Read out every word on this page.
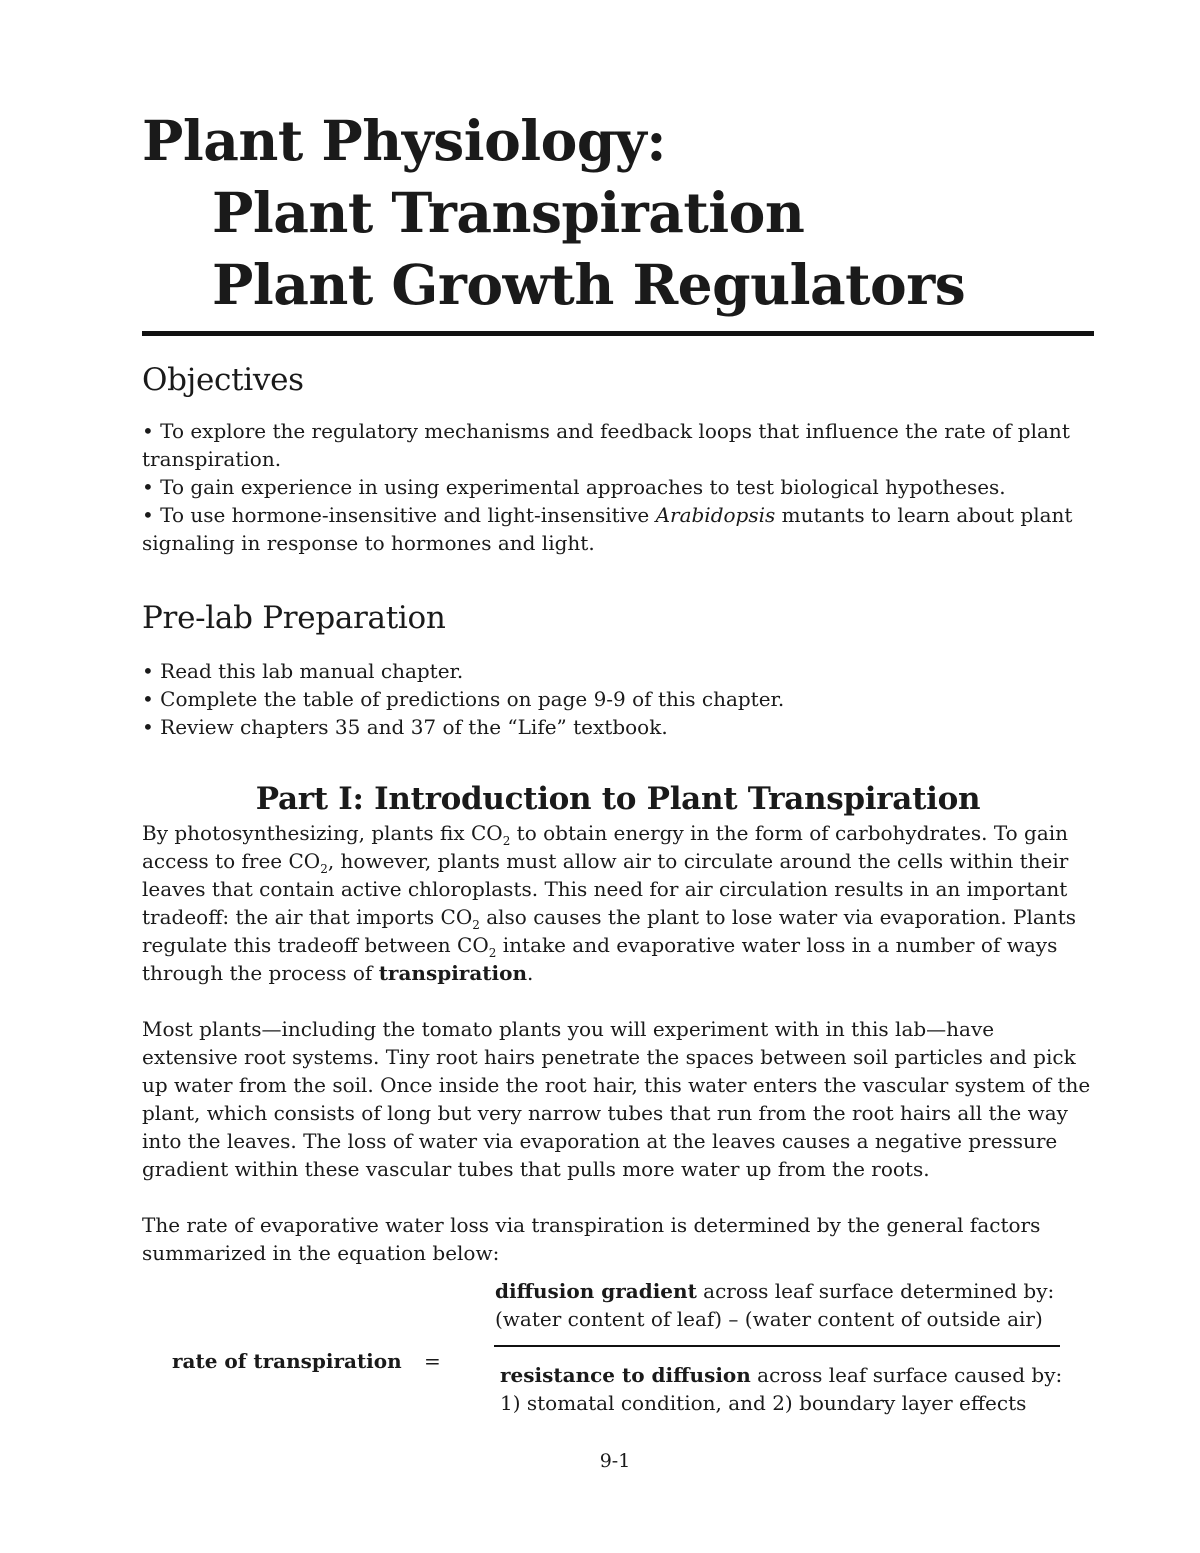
Plant Physiology:
Plant Transpiration
Plant Growth Regulators
Objectives
• To explore the regulatory mechanisms and feedback loops that influence the rate of plant transpiration.
• To gain experience in using experimental approaches to test biological hypotheses.
• To use hormone-insensitive and light-insensitive Arabidopsis mutants to learn about plant signaling in response to hormones and light.
Pre-lab Preparation
• Read this lab manual chapter.
• Complete the table of predictions on page 9-9 of this chapter.
• Review chapters 35 and 37 of the “Life” textbook.
Part I: Introduction to Plant Transpiration

By photosynthesizing, plants fix $CO_2$ to obtain energy in the form of carbohydrates. To gain access to free $CO_2$, however, plants must allow air to circulate around the cells within their leaves that contain active chloroplasts. This need for air circulation results in an important tradeoff: the air that imports $CO_2$ also causes the plant to lose water via evaporation. Plants regulate this tradeoff between $CO_2$ intake and evaporative water loss in a number of ways through the process of transpiration.

Most plants—including the tomato plants you will experiment with in this lab—have extensive root systems. Tiny root hairs penetrate the spaces between soil particles and pick up water from the soil. Once inside the root hair, this water enters the vascular system of the plant, which consists of long but very narrow tubes that run from the root hairs all the way into the leaves. The loss of water via evaporation at the leaves causes a negative pressure gradient within these vascular tubes that pulls more water up from the roots.

The rate of evaporative water loss via transpiration is determined by the general factors summarized in the equation below:

rate of transpiration =
diffusion gradient across leaf surface determined by:
(water content of leaf) – (water content of outside air)
resistance to diffusion across leaf surface caused by:
1) stomatal condition, and 2) boundary layer effects
9-1
